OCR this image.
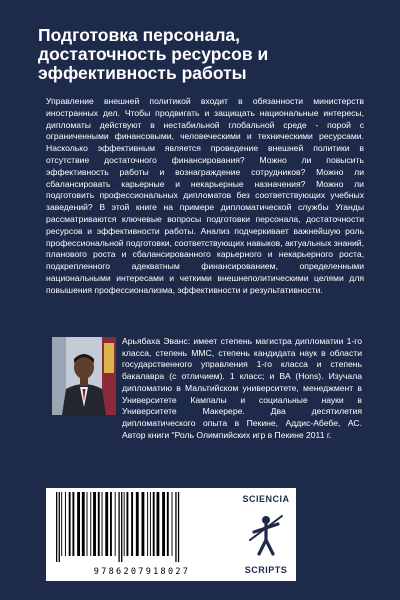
Подготовка персонала,
достаточность ресурсов и
эффективность работы

Управление внешней политикой входит в обязанности министерств иностранных дел. Чтобы продвигать и защищать национальные интересы, дипломаты действуют в нестабильной глобальной среде - порой с ограниченными финансовыми, человеческими и техническими ресурсами. Насколько эффективным является проведение внешней политики в отсутствие достаточного финансирования? Можно ли повысить эффективность работы и вознаграждение сотрудников? Можно ли сбалансировать карьерные и некарьерные назначения? Можно ли подготовить профессиональных дипломатов без соответствующих учебных заведений? В этой книге на примере дипломатической службы Уганды рассматриваются ключевые вопросы подготовки персонала, достаточности ресурсов и эффективности работы. Анализ подчеркивает важнейшую роль профессиональной подготовки, соответствующих навыков, актуальных знаний, планового роста и сбалансированного карьерного и некарьерного роста, подкрепленного адекватным финансированием, определенными национальными интересами и четкими внешнеполитическими целями для повышения профессионализма, эффективности и результативности.

Арьябаха Эванс: имеет степень магистра дипломатии 1-го класса, степень MMC, степень кандидата наук в области государственного управления 1-го класса и степень бакалавра (с отличием). 1 класс; и BA (Hons). Изучала дипломатию в Мальтийском университете, менеджмент в Университете Кампалы и социальные науки в Университете Макерере. Два десятилетия дипломатического опыта в Пекине, Аддис-Абебе, АС. Автор книги "Роль Олимпийских игр в Пекине 2011 г.

9786207918027
SCIENCIA
SCRIPTS
